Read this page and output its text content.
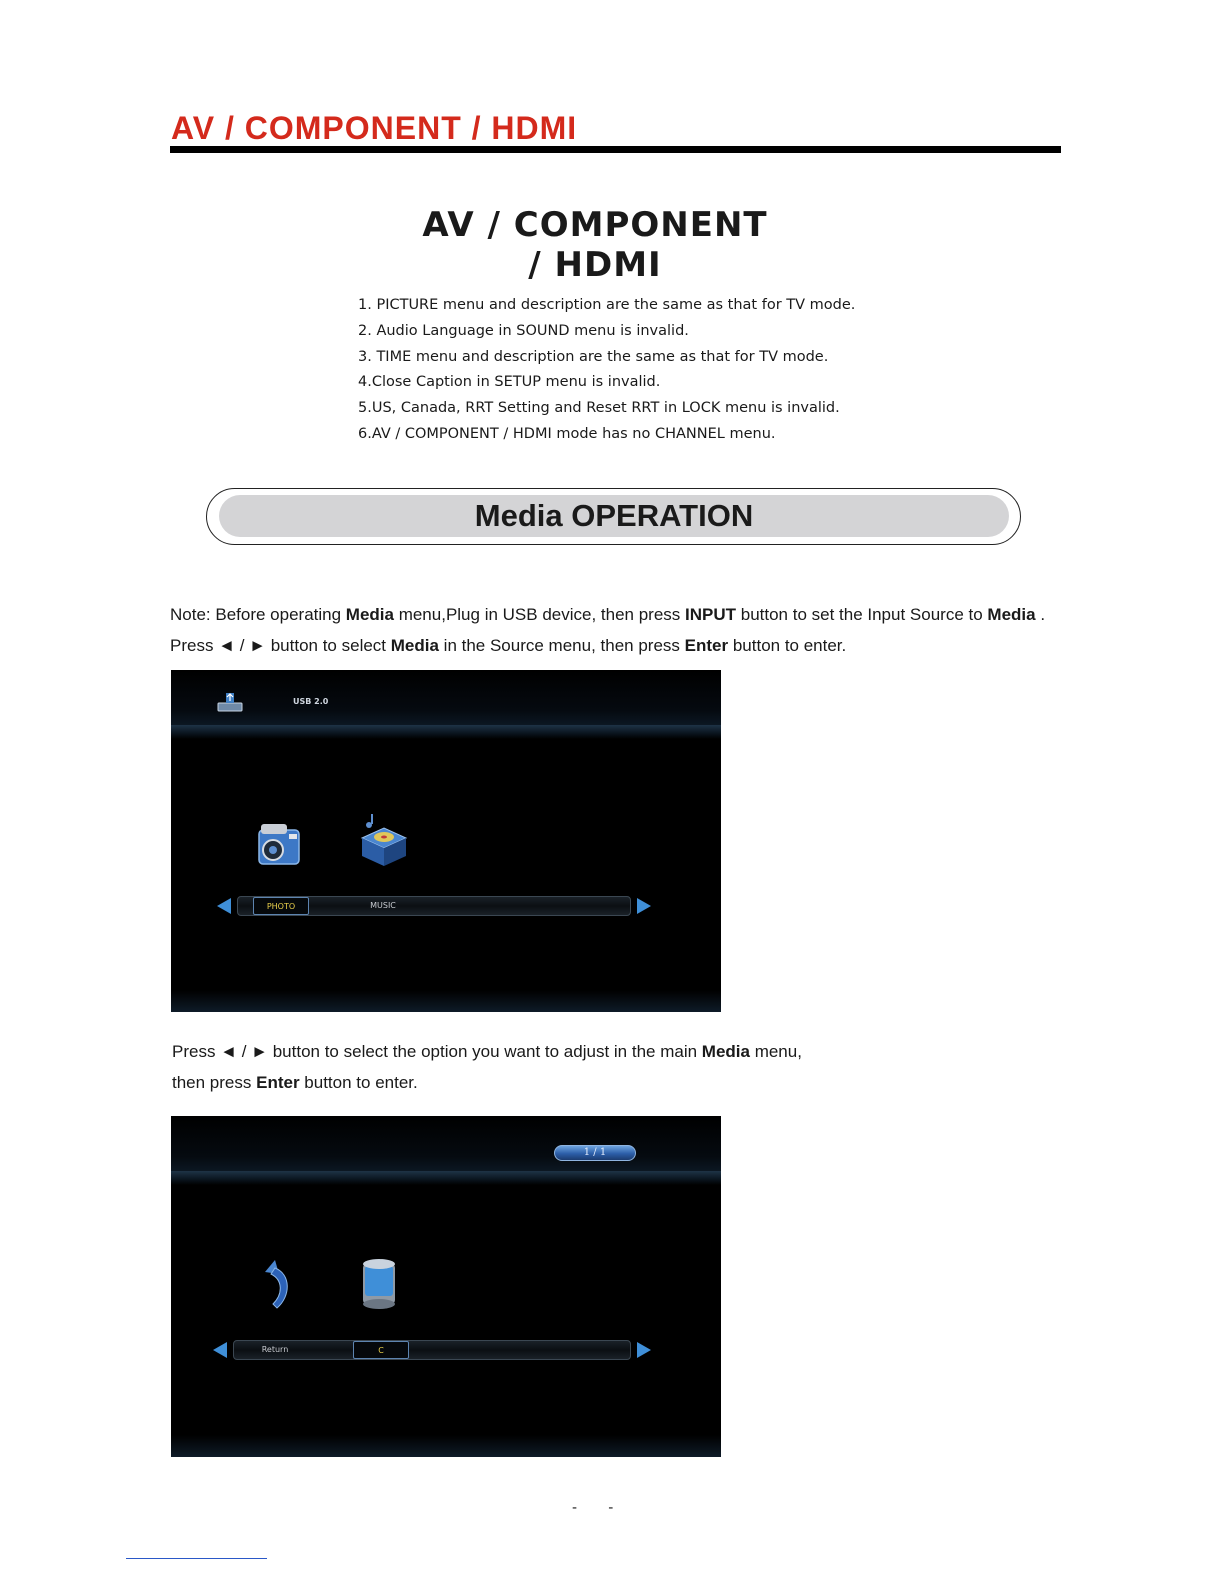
AV / COMPONENT / HDMI
AV / COMPONENT
/ HDMI
1. PICTURE menu and description are the same as that for TV mode.
2. Audio Language in SOUND menu is invalid.
3. TIME menu and description are the same as that for TV mode.
4.Close Caption in SETUP menu is invalid.
5.US, Canada, RRT Setting and Reset RRT in LOCK menu is invalid.
6.AV / COMPONENT / HDMI mode has no CHANNEL menu.
Media OPERATION
Note: Before operating Media menu,Plug in USB device, then press INPUT button to set the Input Source to Media .
Press ◄ / ► button to select Media in the Source menu, then press Enter button to enter.
USB 2.0
PHOTO	MUSIC
Press ◄ / ► button to select the option you want to adjust in the main Media menu,
then press Enter button to enter.
1 / 1
Return	C
-       -
